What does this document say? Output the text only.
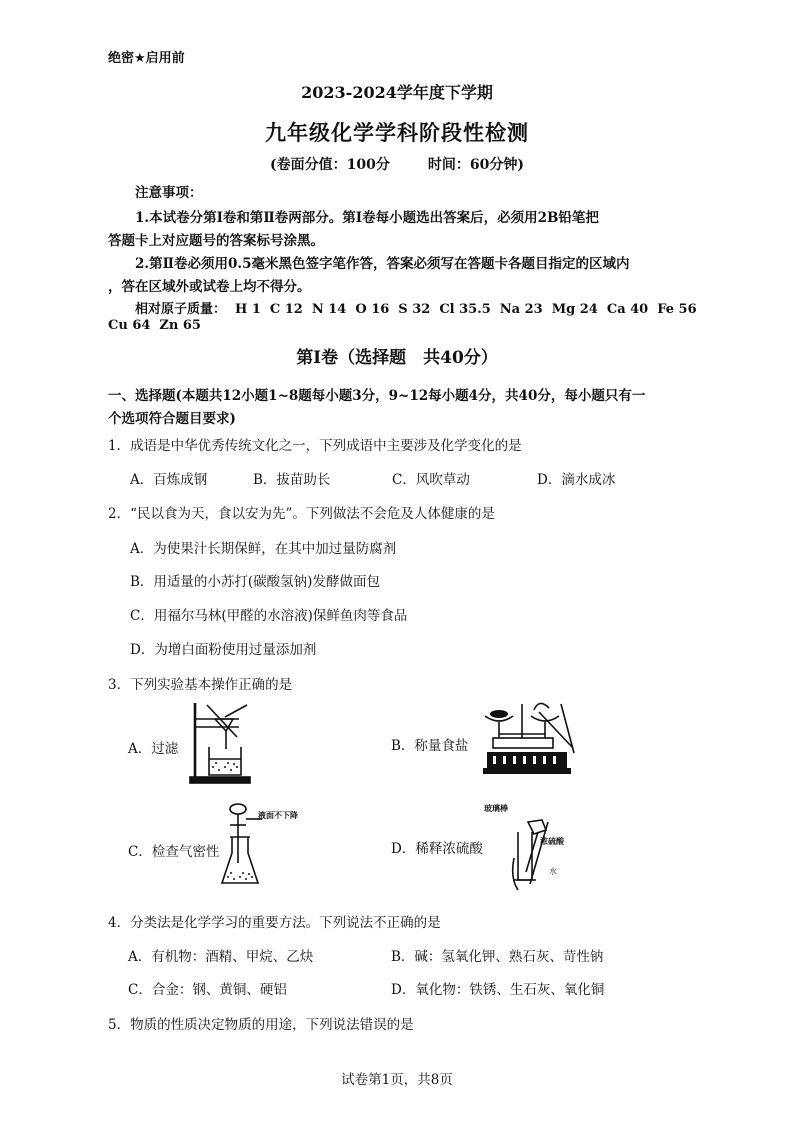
绝密★启用前
2023-2024学年度下学期
九年级化学学科阶段性检测
(卷面分值：100分	时间：60分钟)
注意事项：
1.本试卷分第Ⅰ卷和第Ⅱ卷两部分。第Ⅰ卷每小题选出答案后，必须用2B铅笔把
答题卡上对应题号的答案标号涂黑。
2.第Ⅱ卷必须用0.5毫米黑色签字笔作答，答案必须写在答题卡各题目指定的区域内
，答在区域外或试卷上均不得分。
相对原子质量： H 1 C 12 N 14 O 16 S 32 Cl 35.5 Na 23 Mg 24 Ca 40 Fe 56
Cu 64 Zn 65
第Ⅰ卷（选择题　共40分）
一、选择题(本题共12小题1~8题每小题3分，9~12每小题4分，共40分，每小题只有一
个选项符合题目要求)
1．成语是中华优秀传统文化之一，下列成语中主要涉及化学变化的是
A．百炼成钢	B．拔苗助长	C．风吹草动	D．滴水成冰
2．“民以食为天，食以安为先”。下列做法不会危及人体健康的是
A．为使果汁长期保鲜，在其中加过量防腐剂
B．用适量的小苏打(碳酸氢钠)发酵做面包
C．用福尔马林(甲醛的水溶液)保鲜鱼肉等食品
D．为增白面粉使用过量添加剂
3．下列实验基本操作正确的是
A．过滤	B．称量食盐
C．检查气密性	D．稀释浓硫酸
液面不下降
玻璃棒
浓硫酸
水
4．分类法是化学学习的重要方法。下列说法不正确的是
A．有机物：酒精、甲烷、乙炔	B．碱：氢氧化钾、熟石灰、苛性钠
C．合金：钢、黄铜、硬铝	D．氧化物：铁锈、生石灰、氧化铜
5．物质的性质决定物质的用途，下列说法错误的是
试卷第1页，共8页
